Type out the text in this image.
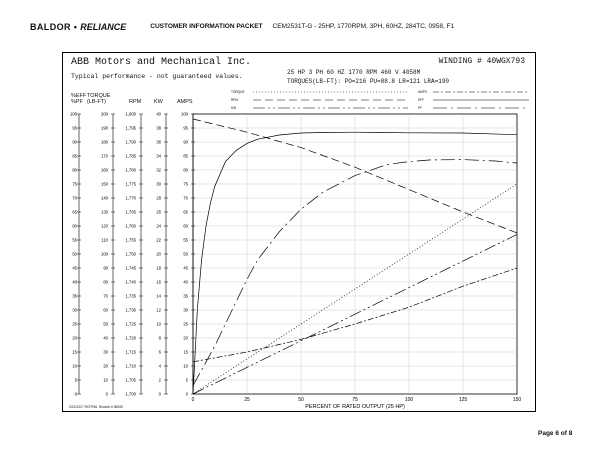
BALDOR • RELIANCE	CUSTOMER INFORMATION PACKET CEM2531T-G - 25HP, 1770RPM, 3PH, 60HZ, 284TC, 0958, F1
ABB Motors and Mechanical Inc.
Typical performance - not guaranteed values.
WINDING # 40WGX793
25 HP 3 PH 60 HZ 1770 RPM 460 V 4058M
TORQUES(LB-FT): PO=216 PU=88.8 LR=121 LRA=190
TORQUE
RPM
KW
AMPS
EFF
PF
%EFF %PF
TORQUE (LB-FT)	RPM KW	AMPS
0	25	50	75	100	125	150
0
5
10
15
20
25
30
35
40
45
50
55
60
65
70
75
80
85
90
95
100
0
10
20
30
40
50
60
70
80
90
100
110
120
130
140
150
160
170
180
190
200
1,700
1,705
1,710
1,715
1,720
1,725
1,730
1,735
1,740
1,745
1,750
1,755
1,760
1,765
1,770
1,775
1,780
1,785
1,790
1,795
1,800
0
2
4
6
8
10
12
14
16
18
20
22
24
26
28
30
32
34
36
38
40
0
5
10
15
20
25
30
35
40
45
50
55
60
65
70
75
80
85
90
95
100
PERCENT OF RATED OUTPUT (25 HP)
3/21/2017 RCP096, Rework # 98053
Page 6 of 8
